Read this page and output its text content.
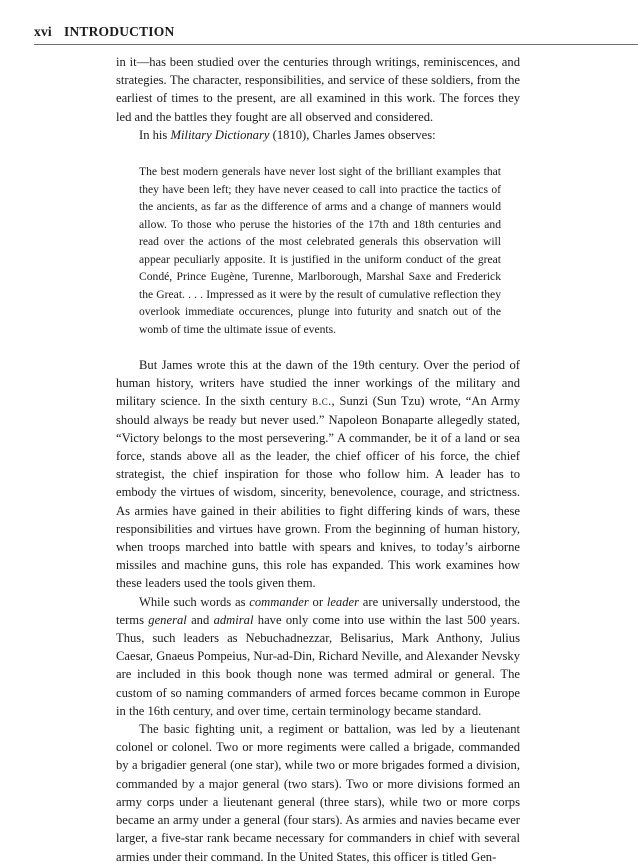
xvi INTRODUCTION

in it—has been studied over the centuries through writings, reminiscences, and strategies. The character, responsibilities, and service of these soldiers, from the earliest of times to the present, are all examined in this work. The forces they led and the battles they fought are all observed and considered.

In his Military Dictionary (1810), Charles James observes:

The best modern generals have never lost sight of the brilliant examples that they have been left; they have never ceased to call into practice the tactics of the ancients, as far as the difference of arms and a change of manners would allow. To those who peruse the histories of the 17th and 18th centuries and read over the actions of the most celebrated generals this observation will appear peculiarly apposite. It is justified in the uniform conduct of the great Condé, Prince Eugène, Turenne, Marlborough, Marshal Saxe and Frederick the Great. . . . Impressed as it were by the result of cumulative reflection they overlook immediate occurences, plunge into futurity and snatch out of the womb of time the ultimate issue of events.

But James wrote this at the dawn of the 19th century. Over the period of human history, writers have studied the inner workings of the military and military science. In the sixth century b.c., Sunzi (Sun Tzu) wrote, “An Army should always be ready but never used.” Napoleon Bonaparte allegedly stated, “Victory belongs to the most persevering.” A commander, be it of a land or sea force, stands above all as the leader, the chief officer of his force, the chief strategist, the chief inspiration for those who follow him. A leader has to embody the virtues of wisdom, sincerity, benevolence, courage, and strictness. As armies have gained in their abilities to fight differing kinds of wars, these responsibilities and virtues have grown. From the beginning of human history, when troops marched into battle with spears and knives, to today’s airborne missiles and machine guns, this role has expanded. This work examines how these leaders used the tools given them.

While such words as commander or leader are universally understood, the terms general and admiral have only come into use within the last 500 years. Thus, such leaders as Nebuchadnezzar, Belisarius, Mark Anthony, Julius Caesar, Gnaeus Pompeius, Nur-ad-Din, Richard Neville, and Alexander Nevsky are included in this book though none was termed admiral or general. The custom of so naming commanders of armed forces became common in Europe in the 16th century, and over time, certain terminology became standard.

The basic fighting unit, a regiment or battalion, was led by a lieutenant colonel or colonel. Two or more regiments were called a brigade, commanded by a brigadier general (one star), while two or more brigades formed a division, commanded by a major general (two stars). Two or more divisions formed an army corps under a lieutenant general (three stars), while two or more corps became an army under a general (four stars). As armies and navies became ever larger, a five-star rank became necessary for commanders in chief with several armies under their command. In the United States, this officer is titled Gen-
